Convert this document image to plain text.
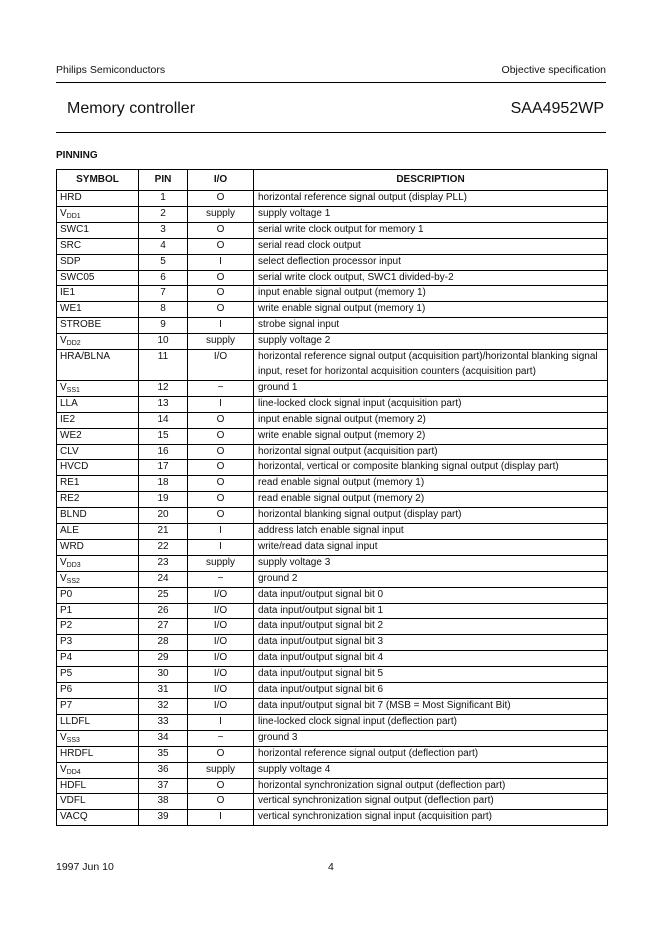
Philips Semiconductors	Objective specification
Memory controller	SAA4952WP
PINNING
SYMBOL	PIN	I/O	DESCRIPTION
HRD	1	O	horizontal reference signal output (display PLL)
$V_{DD1}$	2	supply	supply voltage 1
SWC1	3	O	serial write clock output for memory 1
SRC	4	O	serial read clock output
SDP	5	I	select deflection processor input
SWC05	6	O	serial write clock output, SWC1 divided-by-2
IE1	7	O	input enable signal output (memory 1)
WE1	8	O	write enable signal output (memory 1)
STROBE	9	I	strobe signal input
$V_{DD2}$	10	supply	supply voltage 2
HRA/BLNA	11	I/O	horizontal reference signal output (acquisition part)/horizontal blanking signal input, reset for horizontal acquisition counters (acquisition part)
$V_{SS1}$	12	−	ground 1
LLA	13	I	line-locked clock signal input (acquisition part)
IE2	14	O	input enable signal output (memory 2)
WE2	15	O	write enable signal output (memory 2)
CLV	16	O	horizontal signal output (acquisition part)
HVCD	17	O	horizontal, vertical or composite blanking signal output (display part)
RE1	18	O	read enable signal output (memory 1)
RE2	19	O	read enable signal output (memory 2)
BLND	20	O	horizontal blanking signal output (display part)
ALE	21	I	address latch enable signal input
WRD	22	I	write/read data signal input
$V_{DD3}$	23	supply	supply voltage 3
$V_{SS2}$	24	−	ground 2
P0	25	I/O	data input/output signal bit 0
P1	26	I/O	data input/output signal bit 1
P2	27	I/O	data input/output signal bit 2
P3	28	I/O	data input/output signal bit 3
P4	29	I/O	data input/output signal bit 4
P5	30	I/O	data input/output signal bit 5
P6	31	I/O	data input/output signal bit 6
P7	32	I/O	data input/output signal bit 7 (MSB = Most Significant Bit)
LLDFL	33	I	line-locked clock signal input (deflection part)
$V_{SS3}$	34	−	ground 3
HRDFL	35	O	horizontal reference signal output (deflection part)
$V_{DD4}$	36	supply	supply voltage 4
HDFL	37	O	horizontal synchronization signal output (deflection part)
VDFL	38	O	vertical synchronization signal output (deflection part)
VACQ	39	I	vertical synchronization signal input (acquisition part)
1997 Jun 10	4
